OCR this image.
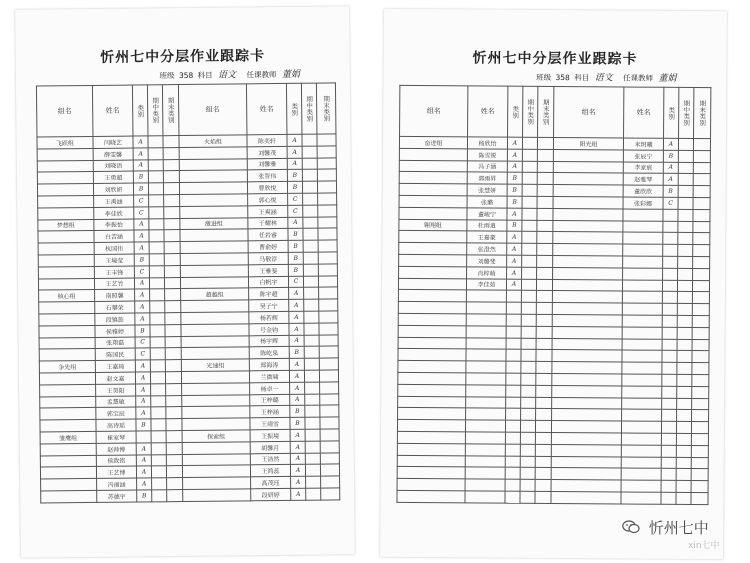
忻州七中分层作业跟踪卡
班级 358 科目 语文 任课教师 董娟
组名	姓名	类别	期中类别	期末类别	组名	姓名	类别	期中类别	期末类别
飞跃组	闫晓艺	A			火焰组	陈奕轩	A		
	薛雯馨	A				刘馨茂	A		
	刘晓语	A				刘馨雅	A		
	王勇超	B				张晋伟	B		
	刘欣妍	B				曹欣悦	B		
	王禹涵	C				郭心悦	C		
	李佳欣	C				王爽涵	C		
梦想组	李振怡	A			激进组	于耀林	A		
	白苦涵	A				任岩睿	B		
	杭国伟	A				曹俞婷	B		
	王境莹	B				马敬淳	B		
	王丰锋	C				王雅斐	B		
	王艺竹	A				白帆宇	C		
核心组	南照馨	A			超越组	陈宇超	A		
	石攀荣	A				吴子宁	A		
	段镇旅	A				杨若辉	A		
	侯雅婷	B				号金钧	A		
	张翔磊	C				杨宇辉	A		
	陈国民	C				陈屹泉	B		
争先组	王嘉琦	A			光速组	郑海涛	A		
	赵文嘉	A				兰微啸	A		
	王昊阳	A				杨卓一	A		
	孟慧敏	A				王梓璐	A		
	郭宝辰	A				王梓涵	B		
	高诗瑶	B				王靖雪	B		
雏鹰组	崔家琴				探索组	王振境	A		
	赵帅博	A				胡馨月	A		
	侯政铭	A				王洁然	A		
	王艺博	A				王鸿蕊	A		
	冯丽涵	A				高茂珏	A		
	苏德宇	B				段妍婷	A		
忻州七中分层作业跟踪卡
班级 358 科目 语文 任课教师 董娟
组名	姓名	类别	期中类别	期末类别	组名	姓名	类别	期中类别	期末类别
奋进组	杨欣怡	A			阳光组	米玥曦	A		
	陈雪锐	A				张辰宁	B		
	冯子涵	A				李家宸	A		
	郭雨昇	B				赵雅琴	A		
	张慧妍	B				董欣欣	B		
	张璐	B				张彩娜	C		
	董峻宁	A							
翱翔组	杜雨逍	B							
	王嘉豪	A							
	张澄然	A							
	刘璐斐	A							
	肖梓萌	A							
	李佳茹	A							

忻州七中
xin七中
